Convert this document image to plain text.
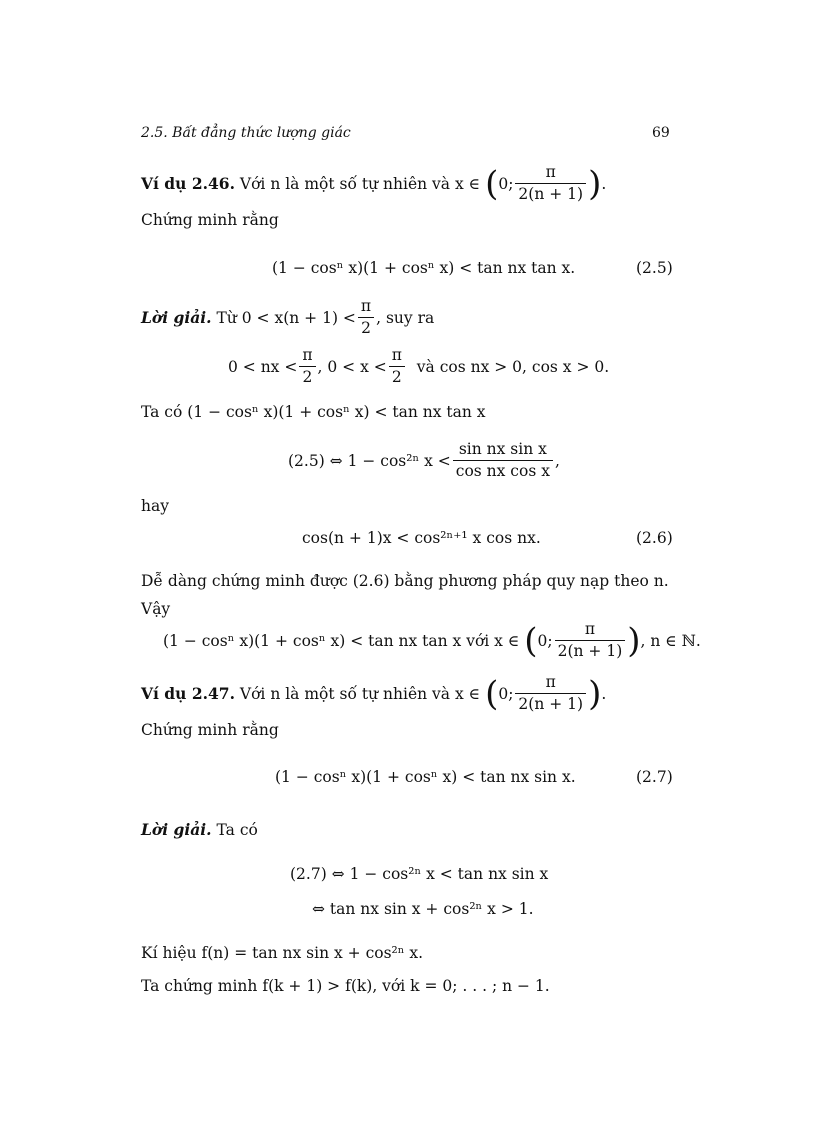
2.5. Bất đẳng thức lượng giác	69
Ví dụ 2.46. Với n là một số tự nhiên và x ∈ (0; $\frac{\pi}{2(n + 1)}$ ).
Chứng minh rằng
(1 − cosⁿ x)(1 + cosⁿ x) < tan nx tan x.	(2.5)
Lời giải. Từ $0 < x(n + 1) < \frac{\pi}{2}$ , suy ra
0 < nx < $\frac{\pi}{2}$ , $0 < x < \frac{\pi}{2}$ và cos nx > 0, cos x > 0.
Ta có (1 − cosⁿ x)(1 + cosⁿ x) < tan nx tan x
(2.5) ⇔ 1 − cos²ⁿ $x < \frac{\text{sin nx sin x}}{\text{cos nx cos x}}$ ,
hay
cos(n + 1)x < cos²ⁿ⁺¹ x cos nx.	(2.6)
Dễ dàng chứng minh được (2.6) bằng phương pháp quy nạp theo n.
Vậy
(1 − cosⁿ x)(1 + cosⁿ x) < tan nx tan x với x ∈ (0; $\frac{\pi}{2(n + 1)}$ ), n ∈ ℕ.
Ví dụ 2.47. Với n là một số tự nhiên và x ∈ (0; $\frac{\pi}{2(n + 1)}$ ).
Chứng minh rằng
(1 − cosⁿ x)(1 + cosⁿ x) < tan nx sin x.	(2.7)
Lời giải. Ta có
(2.7) ⇔ 1 − cos²ⁿ x < tan nx sin x
⇔ tan nx sin x + cos²ⁿ x > 1.
Kí hiệu f(n) = tan nx sin x + cos²ⁿ x.
Ta chứng minh f(k + 1) > f(k), với k = 0; . . . ; n − 1.
